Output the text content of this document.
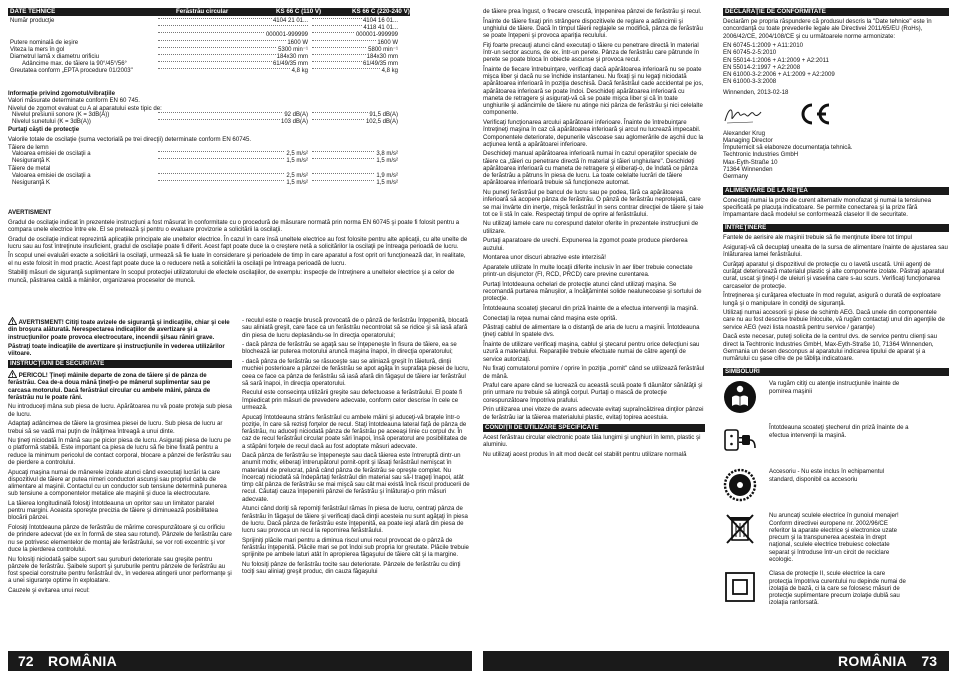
DATE TEHNICE	Ferăstrău circular	KS 66 C (110 V)	KS 66 C (220-240 V)
Număr producţie	4104 21 01...	4104 16 01...
4118 41 01...
000001-999999	000001-999999
Putere nominală de ieşire	1600 W	1600 W
Viteza la mers în gol	5300 min⁻¹	5800 min⁻¹
Diametrul lamă x diametru orificiu	184x30 mm	184x30 mm
Adâncime max. de tăiere la 90°/45°/56°	61/49/35 mm	61/49/35 mm
Greutatea conform „EPTA procedure 01/2003"	4,8 kg	4,8 kg
Informaţie privind zgomotul/vibraţiile
Valori măsurate determinate conform EN 60 745.
Nivelul de zgomot evaluat cu A al aparatului este tipic de:
Nivelul presiunii sonore (K = 3dB(A))	92 dB(A)	91,5 dB(A)
Nivelul sunetului (K = 3dB(A))	103 dB(A)	102,5 dB(A)
Purtaţi căşti de protecţie
Valorile totale de oscilaţie (suma vectorială pe trei direcţii) determinate conform EN 60745.
Tăiere de lemn
Valoarea emisiei de oscilaţii a	2,5 m/s²	3,8 m/s²
Nesiguranţă K	1,5 m/s²	1,5 m/s²
Tăiere de metal
Valoarea emisiei de oscilaţii a	2,5 m/s²	1,9 m/s²
Nesiguranţă K	1,5 m/s²	1,5 m/s²

AVERTISMENT

Gradul de oscilaţie indicat în prezentele instrucţiuni a fost măsurat în conformitate cu o procedură de măsurare normată prin norma EN 60745 şi poate fi folosit pentru a compara unele electrice între ele. El se pretează şi pentru o evaluare provizorie a solicitării la oscilaţii.

Gradul de oscilaţie indicat reprezintă aplicaţiile principale ale uneltelor electrice. În cazul în care însă uneltele electrice au fost folosite pentru alte aplicaţii, cu alte unelte de lucru sau au fost întreţinute insuficient, gradul de oscilaţie poate fi diferit. Acest fapt poate duce la o creştere netă a solicitărilor la oscilaţii pe întreaga perioadă de lucru.

În scopul unei evaluări exacte a solicitării la oscilaţii, urmează să fie luate în considerare şi perioadele de timp în care aparatul a fost oprit ori funcţionează dar, în realitate, el nu este folosit în mod practic. Acest fapt poate duce la o reducere netă a solicitării la oscilaţii pe întreaga perioadă de lucru.

Stabiliţi măsuri de siguranţă suplimentare în scopul protecţiei utilizatorului de efectele oscilaţiilor, de exemplu: inspecţie de întreţinere a uneltelor electrice şi a celor de muncă, păstrarea caldă a mâinilor, organizarea proceselor de muncă.

AVERTISMENT! Citiţi toate avizele de siguranţă şi indicaţiile, chiar şi cele din broşura alăturată. Nerespectarea indicaţiilor de avertizare şi a instrucţiunilor poate provoca electrocutare, incendii şi/sau răniri grave.

Păstraţi toate indicaţiile de avertizare şi instrucţiunile în vederea utilizărilor viitoare.

INSTRUCŢIUNI DE SECURITATE

PERICOL! Ţineţi mâinile departe de zona de tăiere şi de pânza de ferăstrău. Cea de-a doua mână ţineţi-o pe mânerul suplimentar sau pe carcasa motorului. Dacă ferăstrăul circular cu ambele mâini, pânza de ferăstrău nu le poate răni.

Nu introduceţi mâna sub piesa de lucru. Apărătoarea nu vă poate proteja sub piesa de lucru.

Adaptaţi adâncimea de tăiere la grosimea piesei de lucru. Sub piesa de lucru ar trebui să se vadă mai puţin de înălţimea întreagă a unui dinte.

Nu ţineţi niciodată în mână sau pe picior piesa de lucru. Asiguraţi piesa de lucru pe o platformă stabilă. Este important ca piesa de lucru să fie bine fixată pentru a reduce la minimum pericolul de contact corporal, blocare a pânzei de ferăstrău sau de pierdere a controlului.

Apucaţi maşina numai de mânerele izolate atunci când executaţi lucrări la care dispozitivul de tăiere ar putea nimeri conductori ascunşi sau propriul cablu de alimentare al maşinii. Contactul cu un conductor sub tensiune determină punerea sub tensiune a componentelor metalice ale maşinii şi duce la electrocutare.

La tăierea longitudinală folosiţi întotdeauna un opritor sau un limitator paralel pentru margini. Aceasta sporeşte precizia de tăiere şi diminuează posibilitatea blocării pânzei.

Folosiţi întotdeauna pânze de ferăstrău de mărime corespunzătoare şi cu orificiu de prindere adecvat (de ex în formă de stea sau rotund). Pânzele de ferăstrău care nu se potrivesc elementelor de montaj ale ferăstrăului, se vor roti excentric şi vor duce la pierderea controlului.

Nu folosiţi niciodată şaibe suport sau şuruburi deteriorate sau greşite pentru pânzele de ferăstrău. Şaibele suport şi şuruburile pentru pânzele de ferăstrău au fost special construite pentru ferăstrăul dv., în vederea atingerii unor performanţe şi a unei siguranţe optime în exploatare.

Cauzele şi evitarea unui recul:

- reculul este o reacţie bruscă provocată de o pânză de ferăstrău înţepenită, blocată sau aliniată greşit, care face ca un ferăstrău necontrolat să se ridice şi să iasă afară din piesa de lucru deplasându-se în direcţia operatorului;

- dacă pânza de ferăstrău se agaţă sau se înţepeneşte în fisura de tăiere, ea se blochează iar puterea motorului aruncă maşina înapoi, în direcţia operatorului;

- dacă pânza de ferăstrău se răsuceşte sau se aliniază greşit în tăietură, dinţii muchiei posterioare a pânzei de ferăstrău se apot agăţa în suprafaţa piesei de lucru, ceea ce face ca pânza de ferăstrău să iasă afară din făgaşul de tăiere iar ferăstrăul să sară înapoi, în direcţia operatorului.

Reculul este consecinţa utilizării greşite sau defectuoase a ferăstrăului. El poate fi împiedicat prin măsuri de prevedere adecvate, conform celor descrise în cele ce urmează.

Apucaţi întotdeauna strâns ferăstrăul cu ambele mâini şi aduceţi-vă braţele într-o poziţie, în care să rezisţi forţelor de recul. Staţi întotdeauna lateral faţă de pânza de ferăstrău, nu aduceţi niciodată pânza de ferăstrău pe aceeaşi linie cu corpul dv. În caz de recul ferăstrăul circular poate sări înapoi, însă operatorul are posibilitatea de a stăpâni forţele de recul dacă au fost adoptate măsuri adecvate.

Dacă pânza de ferăstrău se înţepeneşte sau dacă tăierea este întreruptă dintr-un anumit motiv, eliberaţi întrerupătorul pornit-oprit şi lăsaţi ferăstrăul nemişcat în materialul de prelucrat, până când pânza de ferăstrău se opreşte complet. Nu încercaţi niciodată să îndepărtaţi ferăstrăul din material sau să-l trageţi înapoi, atât timp cât pânza de ferăstrău se mai mişcă sau cât mai există încă riscul producerii de recul. Căutaţi cauza înţepenirii pânzei de ferăstrău şi înlăturaţi-o prin măsuri adecvate.

Atunci când doriţi să reporniţi ferăstrăul rămas în piesa de lucru, centraţi pânza de ferăstrău în făgaşul de tăiere şi verificaţi dacă dinţii acesteia nu sunt agăţaţi în piesa de lucru. Dacă pânza de ferăstrău este înţepenită, ea poate ieşi afară din piesa de lucru sau provoca un recul la repornirea ferăstrăului.

Sprijiniţi plăcile mari pentru a diminua riscul unui recul provocat de o pânză de ferăstrău înţepenită. Plăcile mari se pot îndoi sub propria lor greutate. Plăcile trebuie sprijinite pe ambele laturi atât în apropierea făgaşului de tăiere cât şi la margine.

Nu folosiţi pânze de ferăstrău tocite sau deteriorate. Pânzele de ferăstrău cu dinţi tociţi sau aliniaţi greşit produc, din cauza făgaşului

72 ROMÂNIA

de tăiere prea îngust, o frecare crescută, înţepenirea pânzei de ferăstrău şi recul.

Înainte de tăiere fixaţi prin strângere dispozitivele de reglare a adâncimii şi unghiului de tăiere. Dacă în timpul tăierii reglajele se modifică, pânza de ferăstrău se poate înţepeni şi provoca apariţia reculului.

Fiţi foarte precauţi atunci când executaţi o tăiere cu penetrare directă în material într-un sector ascuns, de ex. într-un perete. Pânza de ferăstrău care pătrunde în perete se poate bloca în obiecte ascunse şi provoca recul.

Înainte de fiecare întrebuinţare, verificaţi dacă apărătoarea inferioară nu se poate mişca liber şi dacă nu se închide instantaneu. Nu fixaţi şi nu legaţi niciodată apărătoarea inferioară în poziţia deschisă. Dacă ferăstrăul cade accidental pe jos, apărătoarea inferioară se poate îndoi. Deschideţi apărătoarea inferioară cu maneta de retragere şi asiguraţi-vă că se poate mişca liber şi că în toate unghiurile şi adâncimile de tăiere nu atinge nici pânza de ferăstrău şi nici celelalte componente.

Verificaţi funcţionarea arcului apărătoarei inferioare. Înainte de întrebuinţare întreţineţi maşina în caz că apărătoarea inferioară şi arcul nu lucrează impecabil. Componentele deteriorate, depunerile vâscoase sau aglomerările de aşchii duc la acţiunea lentă a apărătoarei inferioare.

Deschideţi manual apărătoarea inferioară numai în cazul operaţiilor speciale de tăiere ca „tăieri cu penetrare directă în material şi tăieri unghiulare". Deschideţi apărătoarea inferioară cu maneta de retragere şi eliberaţi-o, de îndată ce pânza de ferăstrău a pătruns în piesa de lucru. La toate celelalte lucrări de tăiere apărătoarea inferioară trebuie să funcţioneze automat.

Nu puneţi ferăstrăul pe bancul de lucru sau pe podea, fără ca apărătoarea inferioară să acopere pânza de ferăstrău. O pânză de ferăstrău neprotejată, care se mai învârte din inerţie, mişcă ferăstrăul în sens contrar direcţiei de tăiere şi taie tot ce îi stă în cale. Respectaţi timpul de oprire al ferăstrăului.

Nu utilizaţi lamele care nu corespund datelor oferite în prezentele instrucţiuni de utilizare.

Purtaţi aparatoare de urechi. Expunerea la zgomot poate produce pierderea auzului.

Montarea unor discuri abrazive este interzisă!

Aparatele utilizate în multe locaţii diferite inclusiv în aer liber trebuie conectate printr-un disjunctor (FI, RCD, PRCD) care previne curentarea.

Purtaţi întotdeauna ochelari de protecţie atunci când utilizaţi maşina. Se recomandă purtarea mănuşilor, a încălţămintei solide nealunecoase şi sortului de protecţie.

Întotdeauna scoateţi ştecarul din priză înainte de a efectua intervenţii la maşină.

Conectaţi la reţea numai când maşina este oprită.

Păstraţi cablul de alimentare la o distanţă de aria de lucru a maşinii. Întotdeauna ţineţi cablul în spatele dvs.

Înainte de utilizare verificaţi maşina, cablul şi ştecarul pentru orice defecţiuni sau uzură a materialului. Reparaţiile trebuie efectuate numai de către agenţii de service autorizaţi.

Nu fixaţi comutatorul pornire / oprire în poziţia „pornit" când se utilizează ferăstrăul de mână.

Praful care apare când se lucrează cu această sculă poate fi dăunător sănătăţii şi prin urmare nu trebuie să atingă corpul. Purtaţi o mască de protecţie corespunzătoare împotriva prafului.

Prin utilizarea unei viteze de avans adecvate evitaţi supraîncălzirea dinţilor pânzei de ferăstrău iar la tăierea materialului plastic, evitaţi topirea acestuia.

CONDIŢII DE UTILIZARE SPECIFICATE

Acest ferăstrau circular electronic poate tăia lungimi şi unghiuri în lemn, plastic şi aluminiu.

Nu utilizaţi acest produs în alt mod decât cel stabilit pentru utilizare normală

DECLARAŢIE DE CONFORMITATE

Declarăm pe propria răspundere că produsul descris la "Date tehnice" este în concordanţă cu toate prevederile legale ale Directivei 2011/65/EU (RoHs), 2006/42/CE, 2004/108/CE şi cu următoarele norme armonizate:

EN 60745-1:2009 + A11:2010
EN 60745-2-5:2010
EN 55014-1:2006 + A1:2009 + A2:2011
EN 55014-2:1997 + A2:2008
EN 61000-3-2:2006 + A1:2009 + A2:2009
EN 61000-3-3:2008
Winnenden, 2013-02-18
Alexander Krug
Managing Director
Împuternicit să elaboreze documentaţia tehnică.
Techtronic Industries GmbH
Max-Eyth-Straße 10
71364 Winnenden
Germany
ALIMENTARE DE LA REŢEA

Conectaţi numai la prize de curent alternativ monofazat şi numai la tensiunea specificată pe placuţa indicatoare. Se permite conectarea şi la prize fără împamantare dacă modelul se conformează claselor II de securitate.

ÎNTREŢINERE

Fantele de aerisire ale maşinii trebuie să fie menţinute libere tot timpul

Asiguraţi-vă că decuplaţi unealta de la sursa de alimentare înainte de ajustarea sau înlăturarea lamei ferăstrăului.

Curăţaţi aparatul şi dispozitivul de protecţie cu o lavetă uscată. Unii agenţi de curăţat deteriorează materialul plastic şi alte componente izolate. Păstraţi aparatul curat, uscat şi ţineţi-l de uleiuri şi vaselina care s-au scurs. Verificaţi funcţionarea carcaselor de protecţie.

Întreţinerea şi curăţarea efectuate în mod regulat, asigură o durată de exploatare lungă şi o manipulare în condiţii de siguranţă.

Utilizaţi numai accesorii şi piese de schimb AEG. Dacă unele din componentele care nu au fost descrise trebuie înlocuite, vă rugăm contactaţi unul din agenţiile de service AEG (vezi lista noastră pentru service / garanţie)

Dacă este necesar, puteţi solicita de la centrul dvs. de service pentru clienţi sau direct la Techtronic Industries GmbH, Max-Eyth-Straße 10, 71364 Winnenden, Germania un desen desconpus al aparatului indicarea tipului de aparat şi a numărului cu şase cifre de pe tăbliţa indicatoare.

SIMBOLURI
Va rugăm citiţi cu atenţie instrucţiunile înainte de pornirea maşinii
Întotdeauna scoateţi ştecherul din priză înainte de a efectua intervenţii la maşină.
Accesoriu - Nu este inclus în echipamentul standard, disponibil ca accesoriu
Nu aruncaţi sculele electrice în gunoiul menajer! Conform directivei europene nr. 2002/96/CE referitor la aparate electrice şi electronice uzate precum şi la transpunerea acesteia în drept naţional, sculele electrice trebuiesc colectate separat şi întroduse într-un circit de reciclare ecologic.
Clasa de protecţie II, scule electrice la care protecţia împotriva curentului nu depinde numai de izolaţia de bază, ci la care se folosesc măsuri de protecţie suplimentare precum izolaţie dublă sau izolaţia ranforsată.
ROMÂNIA 73
